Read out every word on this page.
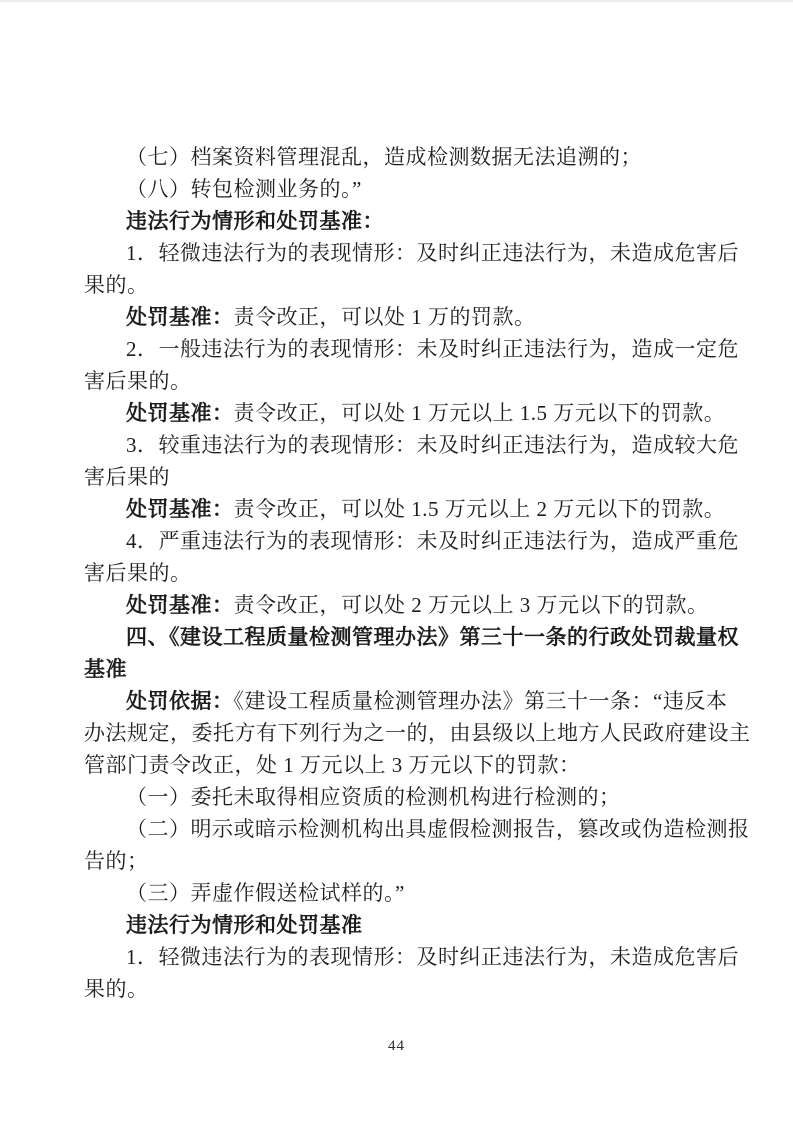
（七）档案资料管理混乱，造成检测数据无法追溯的；

（八）转包检测业务的。”

违法行为情形和处罚基准：

1．轻微违法行为的表现情形：及时纠正违法行为，未造成危害后
果的。

处罚基准：责令改正，可以处 1 万的罚款。

2．一般违法行为的表现情形：未及时纠正违法行为，造成一定危
害后果的。

处罚基准：责令改正，可以处 1 万元以上 1.5 万元以下的罚款。

3．较重违法行为的表现情形：未及时纠正违法行为，造成较大危
害后果的

处罚基准：责令改正，可以处 1.5 万元以上 2 万元以下的罚款。

4．严重违法行为的表现情形：未及时纠正违法行为，造成严重危
害后果的。

处罚基准：责令改正，可以处 2 万元以上 3 万元以下的罚款。

四、《建设工程质量检测管理办法》第三十一条的行政处罚裁量权
基准

处罚依据：《建设工程质量检测管理办法》第三十一条：“违反本
办法规定，委托方有下列行为之一的，由县级以上地方人民政府建设主
管部门责令改正，处 1 万元以上 3 万元以下的罚款：

（一）委托未取得相应资质的检测机构进行检测的；

（二）明示或暗示检测机构出具虚假检测报告，篡改或伪造检测报
告的；

（三）弄虚作假送检试样的。”

违法行为情形和处罚基准

1．轻微违法行为的表现情形：及时纠正违法行为，未造成危害后
果的。

44
